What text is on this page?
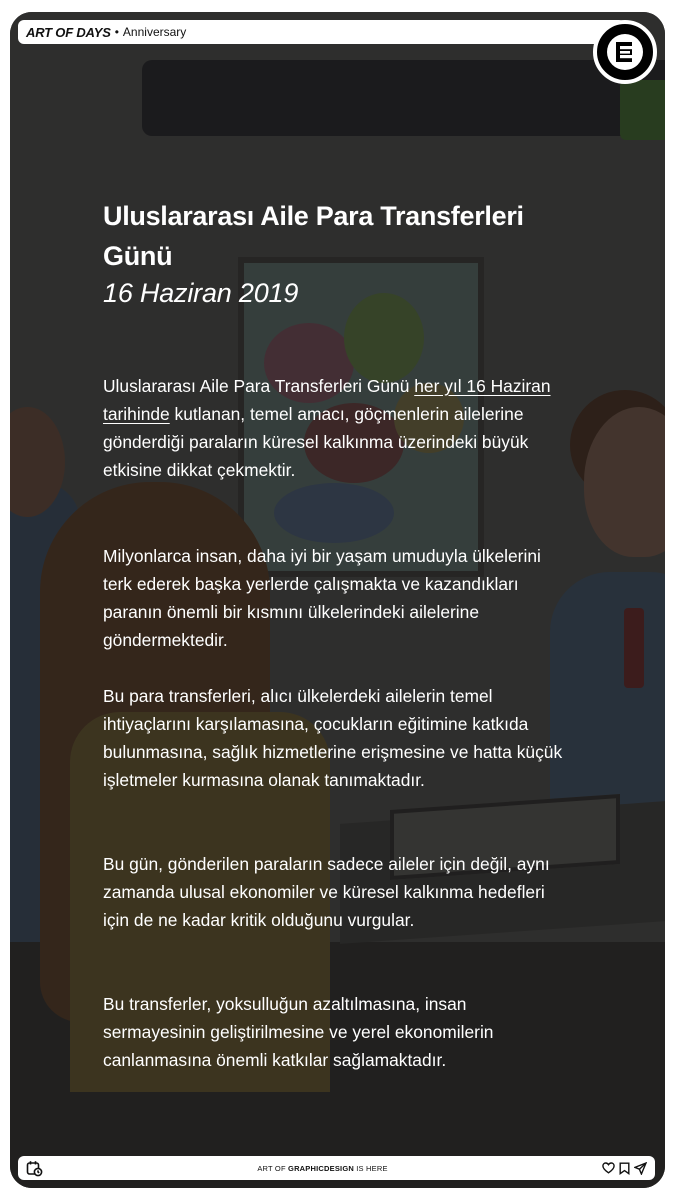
ART OF DAYS • Anniversary
Uluslararası Aile Para Transferleri Günü
16 Haziran 2019

Uluslararası Aile Para Transferleri Günü her yıl 16 Haziran tarihinde kutlanan, temel amacı, göçmenlerin ailelerine gönderdiği paraların küresel kalkınma üzerindeki büyük etkisine dikkat çekmektir.

Milyonlarca insan, daha iyi bir yaşam umuduyla ülkelerini terk ederek başka yerlerde çalışmakta ve kazandıkları paranın önemli bir kısmını ülkelerindeki ailelerine göndermektedir.

Bu para transferleri, alıcı ülkelerdeki ailelerin temel ihtiyaçlarını karşılamasına, çocukların eğitimine katkıda bulunmasına, sağlık hizmetlerine erişmesine ve hatta küçük işletmeler kurmasına olanak tanımaktadır.

Bu gün, gönderilen paraların sadece aileler için değil, aynı zamanda ulusal ekonomiler ve küresel kalkınma hedefleri için de ne kadar kritik olduğunu vurgular.

Bu transferler, yoksulluğun azaltılmasına, insan sermayesinin geliştirilmesine ve yerel ekonomilerin canlanmasına önemli katkılar sağlamaktadır.

ART OF GRAPHICDESIGN IS HERE
